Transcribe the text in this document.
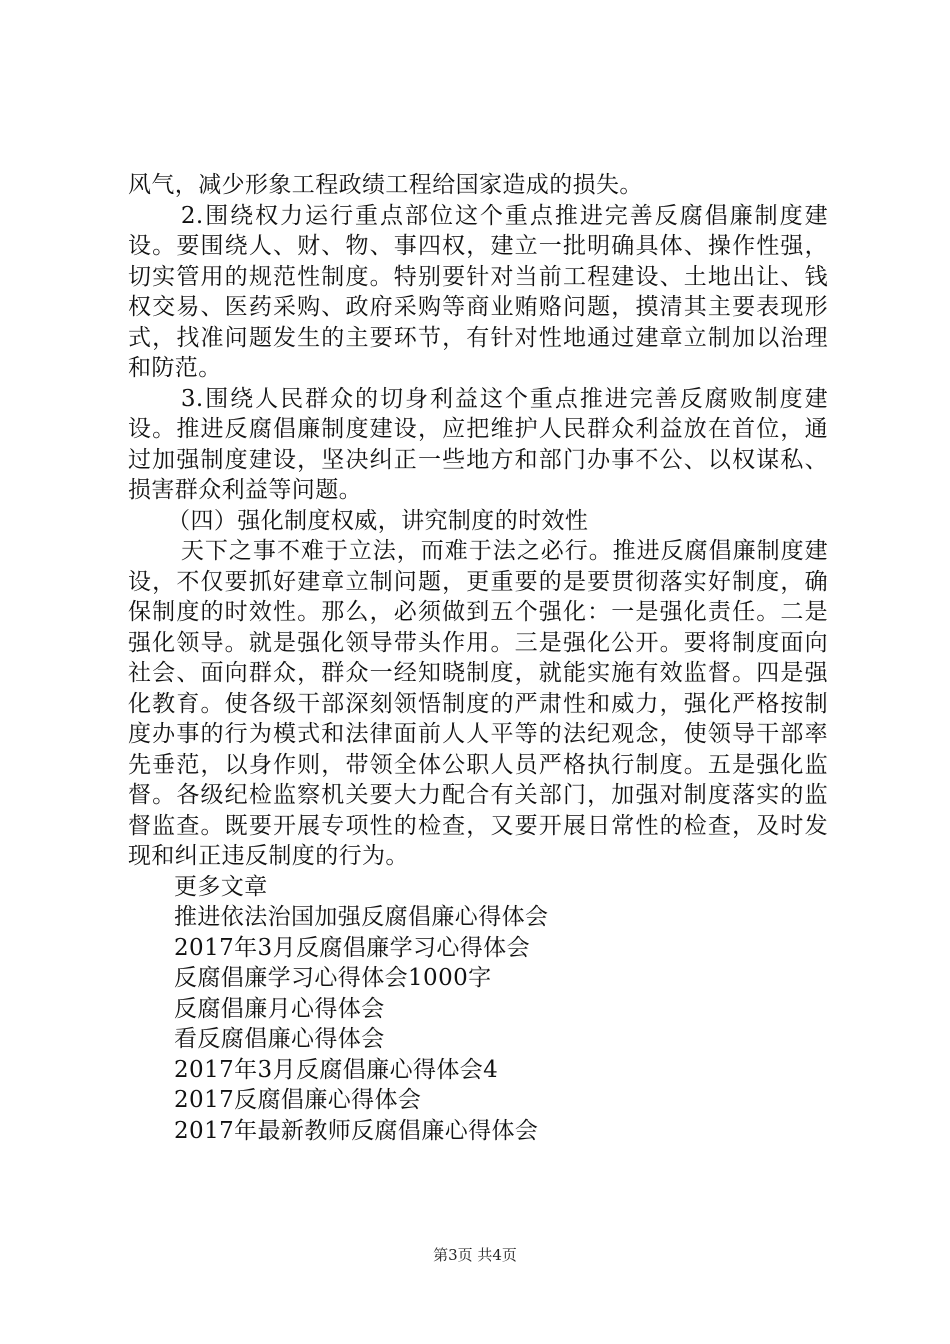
风气，减少形象工程政绩工程给国家造成的损失。

2.围绕权力运行重点部位这个重点推进完善反腐倡廉制度建设。要围绕人、财、物、事四权，建立一批明确具体、操作性强，切实管用的规范性制度。特别要针对当前工程建设、土地出让、钱权交易、医药采购、政府采购等商业贿赂问题，摸清其主要表现形式，找准问题发生的主要环节，有针对性地通过建章立制加以治理和防范。

3.围绕人民群众的切身利益这个重点推进完善反腐败制度建设。推进反腐倡廉制度建设，应把维护人民群众利益放在首位，通过加强制度建设，坚决纠正一些地方和部门办事不公、以权谋私、损害群众利益等问题。

（四）强化制度权威，讲究制度的时效性

天下之事不难于立法，而难于法之必行。推进反腐倡廉制度建设，不仅要抓好建章立制问题，更重要的是要贯彻落实好制度，确保制度的时效性。那么，必须做到五个强化：一是强化责任。二是强化领导。就是强化领导带头作用。三是强化公开。要将制度面向社会、面向群众，群众一经知晓制度，就能实施有效监督。四是强化教育。使各级干部深刻领悟制度的严肃性和威力，强化严格按制度办事的行为模式和法律面前人人平等的法纪观念，使领导干部率先垂范，以身作则，带领全体公职人员严格执行制度。五是强化监督。各级纪检监察机关要大力配合有关部门，加强对制度落实的监督监查。既要开展专项性的检查，又要开展日常性的检查，及时发现和纠正违反制度的行为。

更多文章

推进依法治国加强反腐倡廉心得体会
2017年3月反腐倡廉学习心得体会
反腐倡廉学习心得体会1000字
反腐倡廉月心得体会
看反腐倡廉心得体会
2017年3月反腐倡廉心得体会4
2017反腐倡廉心得体会
2017年最新教师反腐倡廉心得体会
第3页 共4页
